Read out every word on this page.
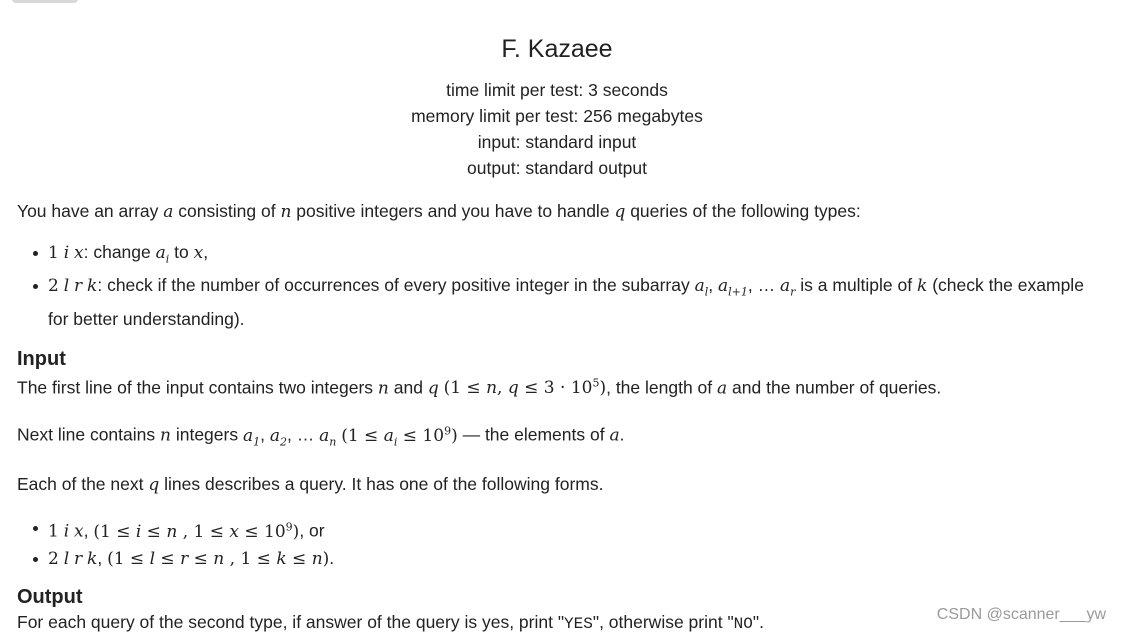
F. Kazaee
time limit per test: 3 seconds
memory limit per test: 256 megabytes
input: standard input
output: standard output

You have an array a consisting of n positive integers and you have to handle q queries of the following types:

1 i x: change $a_i$ to x,
2 l r k: check if the number of occurrences of every positive integer in the subarray $a_l$, $a_{l+1}$, … $a_r$ is a multiple of k (check the example for better understanding).
Input

The first line of the input contains two integers n and q (1 ≤ n, $q \le 3 \cdot 10^5$), the length of a and the number of queries.

Next line contains n integers $a_1$, $a_2$, … $a_n$ $(1 \le a_i \le 10^9)$ — the elements of a.

Each of the next q lines describes a query. It has one of the following forms.

1 i x, (1 ≤ i ≤ n , $1 \le x \le 10^9$), or
2 l r k, (1 ≤ l ≤ r ≤ n , 1 ≤ k ≤ n).
Output

For each query of the second type, if answer of the query is yes, print "YES", otherwise print "NO".	CSDN @scanner___yw
